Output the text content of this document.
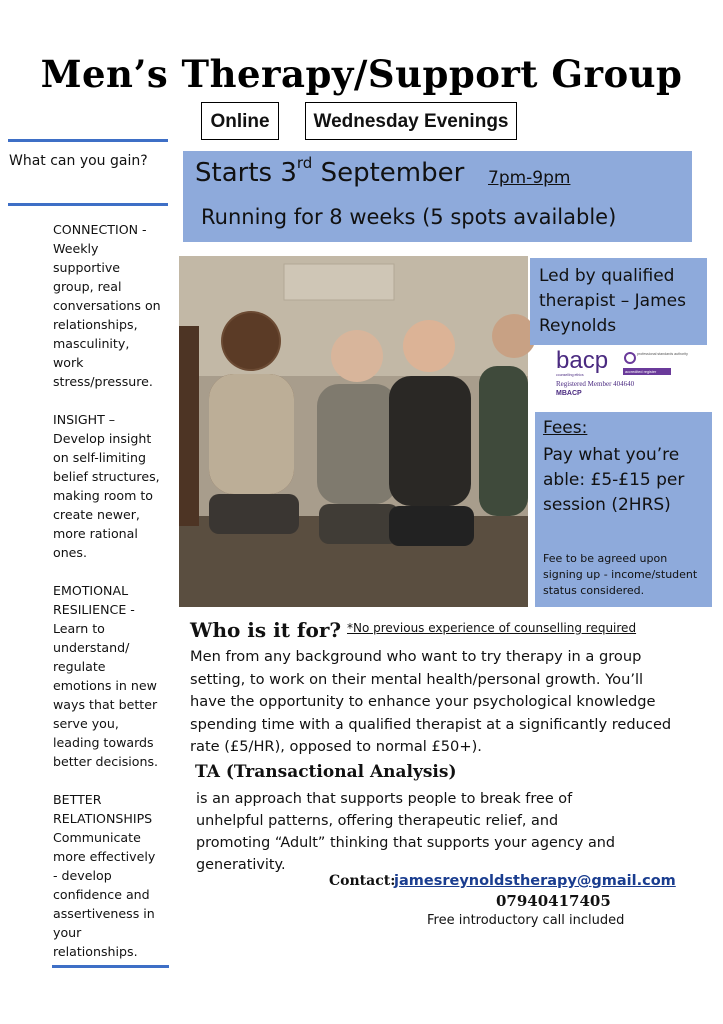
Men’s Therapy/Support Group
Online	Wednesday Evenings
What can you gain?

CONNECTION -
Weekly
supportive
group, real
conversations on
relationships,
masculinity,
work
stress/pressure.

INSIGHT –
Develop insight
on self-limiting
belief structures,
making room to
create newer,
more rational
ones.

EMOTIONAL
RESILIENCE -
Learn to
understand/
regulate
emotions in new
ways that better
serve you,
leading towards
better decisions.

BETTER
RELATIONSHIPS
Communicate
more effectively
- develop
confidence and
assertiveness in
your
relationships.

Starts 3rd September 7pm-9pm
Running for 8 weeks (5 spots available)
Led by qualified therapist – James Reynolds
bacp
counselling ethics
professional standards authority
accredited register
Registered Member 404640
MBACP
Fees:
Pay what you’re able: £5-£15 per session (2HRS)
Fee to be agreed upon signing up - income/student status considered.
Who is it for? *No previous experience of counselling required
Men from any background who want to try therapy in a group setting, to work on their mental health/personal growth. You’ll have the opportunity to enhance your psychological knowledge spending time with a qualified therapist at a significantly reduced rate (£5/HR), opposed to normal £50+).
TA (Transactional Analysis)
is an approach that supports people to break free of unhelpful patterns, offering therapeutic relief, and promoting “Adult” thinking that supports your agency and generativity.
Contact:
jamesreynoldstherapy@gmail.com
07940417405
Free introductory call included
